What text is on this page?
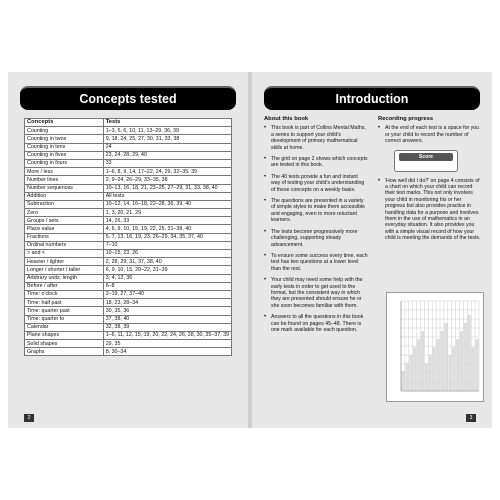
Concepts tested
Concepts	Tests
Counting	1–3, 5, 6, 10, 11, 13–29, 36, 39
Counting in twos	9, 18, 24, 25, 27, 30, 31, 33, 38
Counting in tens	24
Counting in fives	23, 24, 28, 29, 40
Counting in fours	33
More / less	1–6, 8, 9, 14, 17–22, 24, 29, 32–35, 39
Number lines	2, 9–24, 26–29, 33–35, 38
Number sequences	10–13, 16, 18, 21, 23–25, 27–29, 31, 33, 38, 40
Addition	All tests
Subtraction	10–12, 14, 16–18, 22–28, 36, 39, 40
Zero	1, 3, 20, 21, 29
Groups / sets	14, 26, 33
Place value	4, 6, 9, 10, 15, 19, 22, 25, 31–38, 40
Fractions	5, 7, 13, 16, 19, 23, 26–29, 34, 35, 37, 40
Ordinal numbers	7–10
> and <	10–15, 23, 26
Heavier / lighter	2, 28, 29, 31, 37, 38, 40
Longer / shorter / taller	6, 9, 10, 15, 20–22, 31–39
Arbitrary units: length	3, 4, 12, 36
Before / after	6–8
Time: o'clock	2–19, 27, 37–40
Time: half past	18, 23, 28–34
Time: quarter past	30, 35, 36
Time: quarter to	37, 38, 40
Calendar	32, 38, 39
Plane shapes	1–6, 11, 12, 15, 19, 20, 22, 24, 26, 28, 30, 35–37, 39
Solid shapes	29, 35
Graphs	8, 30–34
2
Introduction
About this book
• This book is part of Collins Mental Maths, a series to support your child's development of primary mathematical skills at home.
• The grid on page 2 shows which concepts are tested in this book.
• The 40 tests provide a fun and instant way of testing your child's understanding of these concepts on a weekly basis.
• The questions are presented in a variety of simple styles to make them accessible and engaging, even to more reluctant learners.
• The tests become progressively more challenging, supporting steady advancement.
• To ensure some success every time, each test has two questions at a lower level than the rest.
• Your child may need some help with the early tests in order to get used to the format, but the consistent way in which they are presented should ensure he or she soon becomes familiar with them.
• Answers to all the questions in this book can be found on pages 45–48. There is one mark available for each question.
Recording progress
• At the end of each test is a space for you or your child to record the number of correct answers.
Score
• 'How well did I do?' on page 4 consists of a chart on which your child can record their test marks. This not only involves your child in monitoring his or her progress but also provides practice in handling data for a purpose and involves them in the use of mathematics in an everyday situation. It also provides you with a simple visual record of how your child is meeting the demands of the tests.
3
